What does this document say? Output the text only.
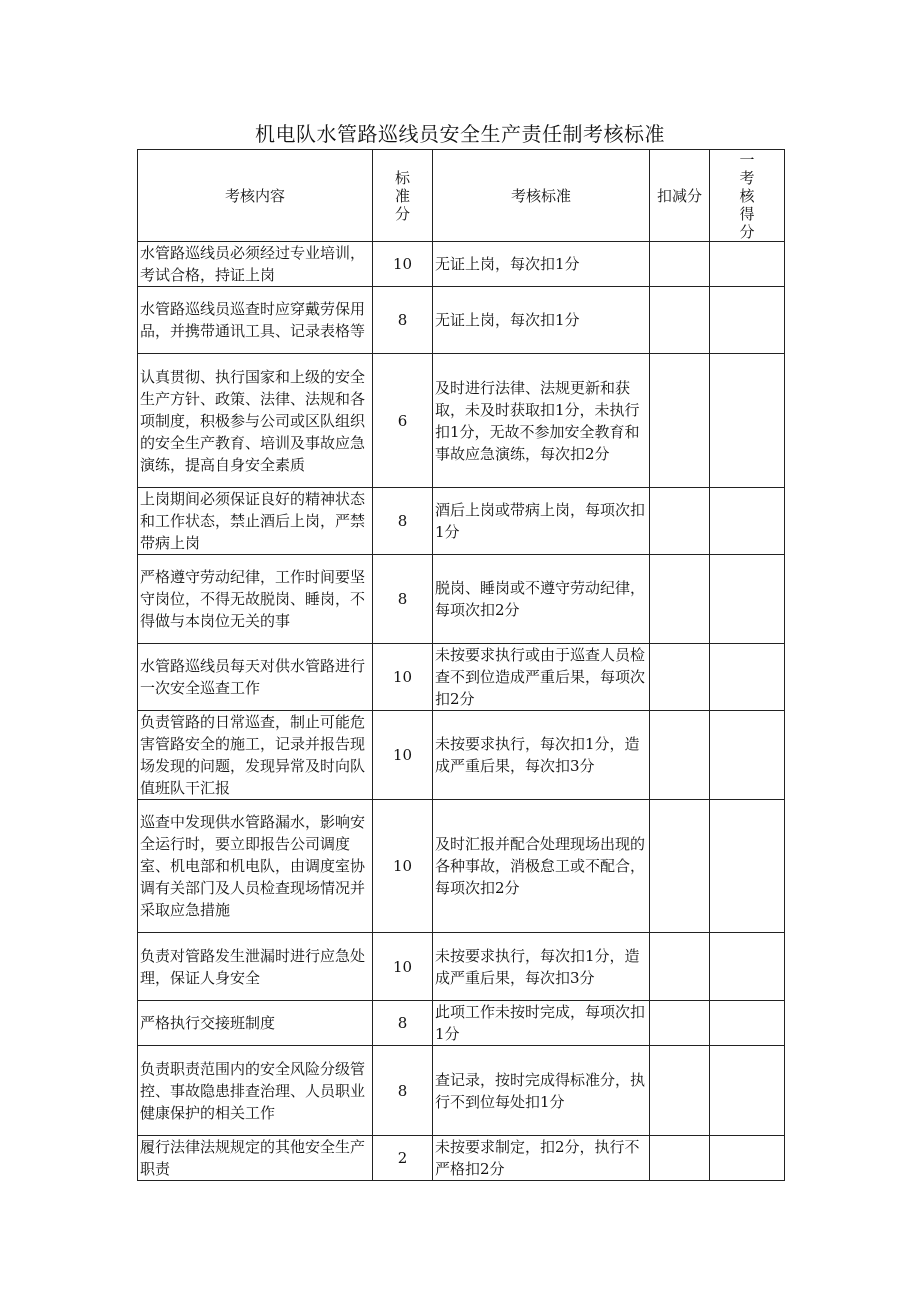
机电队水管路巡线员安全生产责任制考核标准
考核内容	标准分	考核标准	扣减分	一考核得分

水管路巡线员必须经过专业培训，考试合格，持证上岗	10	无证上岗，每次扣1分		
水管路巡线员巡查时应穿戴劳保用品，并携带通讯工具、记录表格等	8	无证上岗，每次扣1分		
认真贯彻、执行国家和上级的安全生产方针、政策、法律、法规和各项制度，积极参与公司或区队组织的安全生产教育、培训及事故应急演练，提高自身安全素质	6	及时进行法律、法规更新和获取，未及时获取扣1分，未执行扣1分，无故不参加安全教育和事故应急演练，每次扣2分		
上岗期间必须保证良好的精神状态和工作状态，禁止酒后上岗，严禁带病上岗	8	酒后上岗或带病上岗，每项次扣1分		
严格遵守劳动纪律，工作时间要坚守岗位，不得无故脱岗、睡岗，不得做与本岗位无关的事	8	脱岗、睡岗或不遵守劳动纪律，每项次扣2分		
水管路巡线员每天对供水管路进行一次安全巡查工作	10	未按要求执行或由于巡查人员检查不到位造成严重后果，每项次扣2分		
负责管路的日常巡查，制止可能危害管路安全的施工，记录并报告现场发现的问题，发现异常及时向队值班队干汇报	10	未按要求执行，每次扣1分，造成严重后果，每次扣3分		
巡查中发现供水管路漏水，影响安全运行时，要立即报告公司调度室、机电部和机电队，由调度室协调有关部门及人员检查现场情况并采取应急措施	10	及时汇报并配合处理现场出现的各种事故，消极怠工或不配合，每项次扣2分		
负责对管路发生泄漏时进行应急处理，保证人身安全	10	未按要求执行，每次扣1分，造成严重后果，每次扣3分		
严格执行交接班制度	8	此项工作未按时完成，每项次扣1分		
负责职责范围内的安全风险分级管控、事故隐患排查治理、人员职业健康保护的相关工作	8	查记录，按时完成得标准分，执行不到位每处扣1分		
履行法律法规规定的其他安全生产职责	2	未按要求制定，扣2分，执行不严格扣2分		
